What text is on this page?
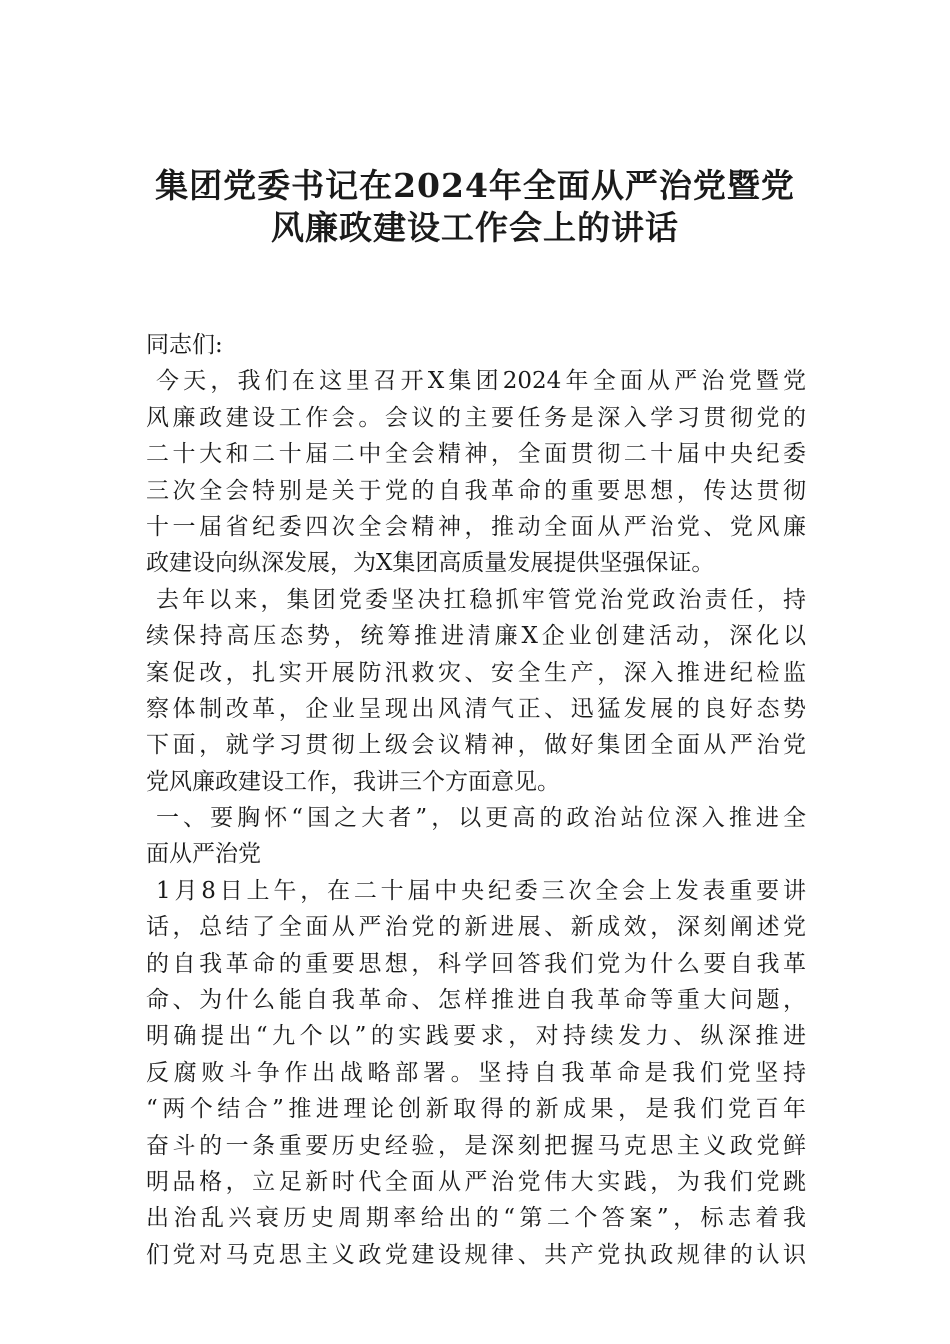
集团党委书记在2024年全面从严治党暨党
风廉政建设工作会上的讲话
同志们:
今天，我们在这里召开X集团2024年全面从严治党暨党
风廉政建设工作会。会议的主要任务是深入学习贯彻党的
二十大和二十届二中全会精神，全面贯彻二十届中央纪委
三次全会特别是关于党的自我革命的重要思想，传达贯彻
十一届省纪委四次全会精神，推动全面从严治党、党风廉
政建设向纵深发展，为X集团高质量发展提供坚强保证。
去年以来，集团党委坚决扛稳抓牢管党治党政治责任，持
续保持高压态势，统筹推进清廉X企业创建活动，深化以
案促改，扎实开展防汛救灾、安全生产，深入推进纪检监
察体制改革，企业呈现出风清气正、迅猛发展的良好态势
下面，就学习贯彻上级会议精神，做好集团全面从严治党
党风廉政建设工作，我讲三个方面意见。
一、要胸怀“国之大者”，以更高的政治站位深入推进全
面从严治党
1月8日上午，在二十届中央纪委三次全会上发表重要讲
话，总结了全面从严治党的新进展、新成效，深刻阐述党
的自我革命的重要思想，科学回答我们党为什么要自我革
命、为什么能自我革命、怎样推进自我革命等重大问题，
明确提出“九个以”的实践要求，对持续发力、纵深推进
反腐败斗争作出战略部署。坚持自我革命是我们党坚持
“两个结合”推进理论创新取得的新成果，是我们党百年
奋斗的一条重要历史经验，是深刻把握马克思主义政党鲜
明品格，立足新时代全面从严治党伟大实践，为我们党跳
出治乱兴衰历史周期率给出的“第二个答案”，标志着我
们党对马克思主义政党建设规律、共产党执政规律的认识
